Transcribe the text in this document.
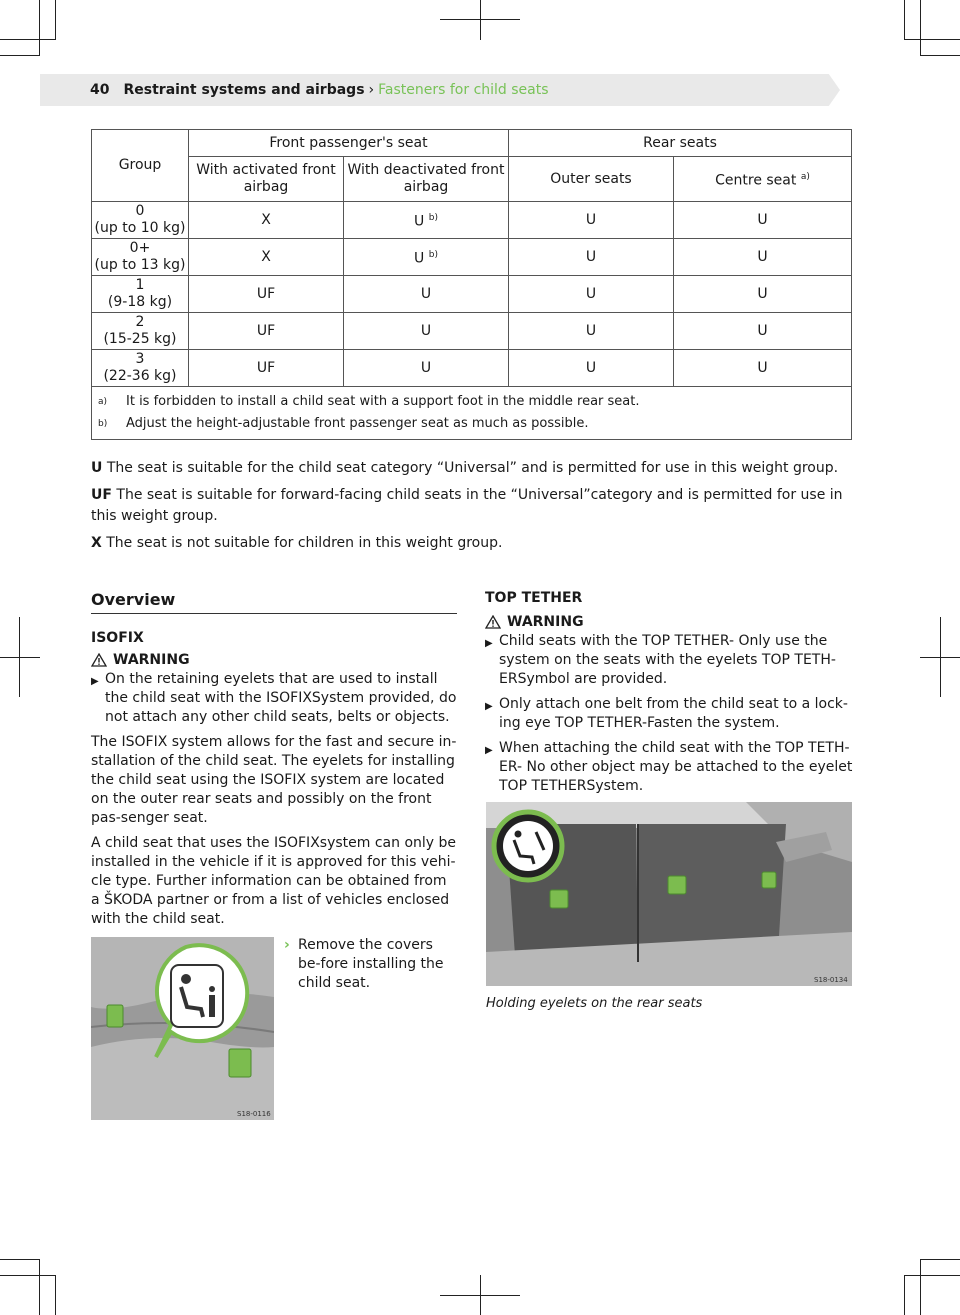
40 Restraint systems and airbags › Fasteners for child seats
Group	Front passenger's seat		Rear seats	
	With activated front airbag	With deactivated front airbag	Outer seats	Centre seat $^{a)}$

0
(up to 10 kg)	X	U $^{b)}$	U	U

0+
(up to 13 kg)	X	U $^{b)}$	U	U

1
(9-18 kg)	UF	U	U	U

2
(15-25 kg)	UF	U	U	U

3
(22-36 kg)	UF	U	U	U

a) It is forbidden to install a child seat with a support foot in the middle rear seat.
b) Adjust the height-adjustable front passenger seat as much as possible.				

U The seat is suitable for the child seat category “Universal” and is permitted for use in this weight group.

UF The seat is suitable for forward-facing child seats in the “Universal”category and is permitted for use in this weight group.

X The seat is not suitable for children in this weight group.

Overview
ISOFIX
WARNING
▶ On the retaining eyelets that are used to install the child seat with the ISOFIXSystem provided, do not attach any other child seats, belts or objects.

The ISOFIX system allows for the fast and secure in-stallation of the child seat. The eyelets for installing the child seat using the ISOFIX system are located on the outer rear seats and possibly on the front pas-senger seat.

A child seat that uses the ISOFIXsystem can only be installed in the vehicle if it is approved for this vehi-cle type. Further information can be obtained from a ŠKODA partner or from a list of vehicles enclosed with the child seat.

S18-0116
› Remove the covers be-fore installing the child seat.
TOP TETHER
WARNING
▶ Child seats with the TOP TETHER- Only use the system on the seats with the eyelets TOP TETH-ERSymbol are provided.
▶ Only attach one belt from the child seat to a lock-ing eye TOP TETHER-Fasten the system.
▶ When attaching the child seat with the TOP TETH-ER- No other object may be attached to the eyelet TOP TETHERSystem.
S18-0134
Holding eyelets on the rear seats
